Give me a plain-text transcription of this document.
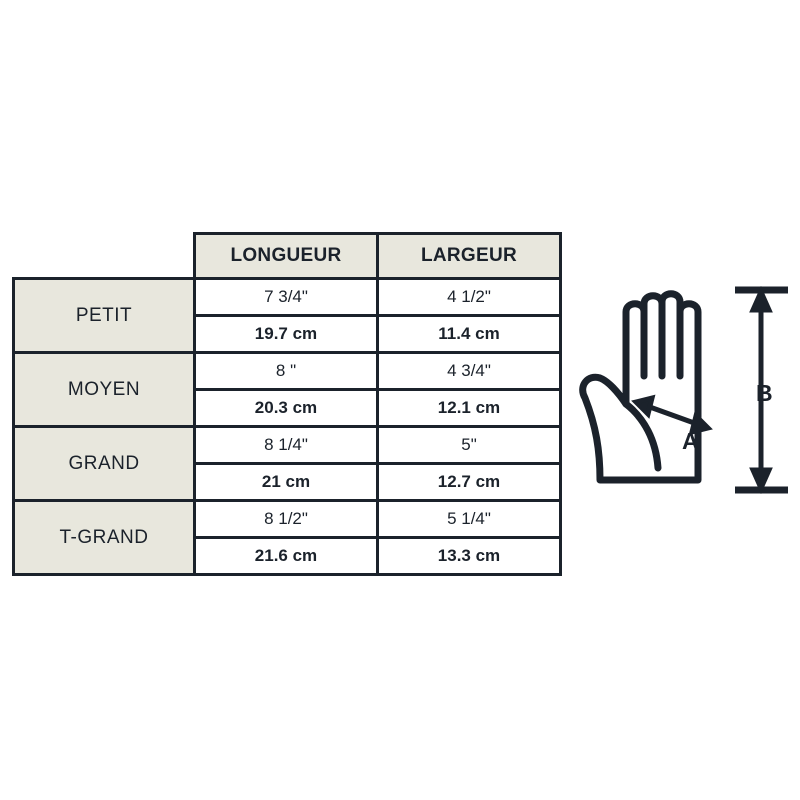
	LONGUEUR	LARGEUR
PETIT	7 3/4"	4 1/2"
	19.7 cm	11.4 cm
MOYEN	8 "	4 3/4"
	20.3 cm	12.1 cm
GRAND	8 1/4"	5"
	21 cm	12.7 cm
T-GRAND	8 1/2"	5 1/4"
	21.6 cm	13.3 cm
A
B
